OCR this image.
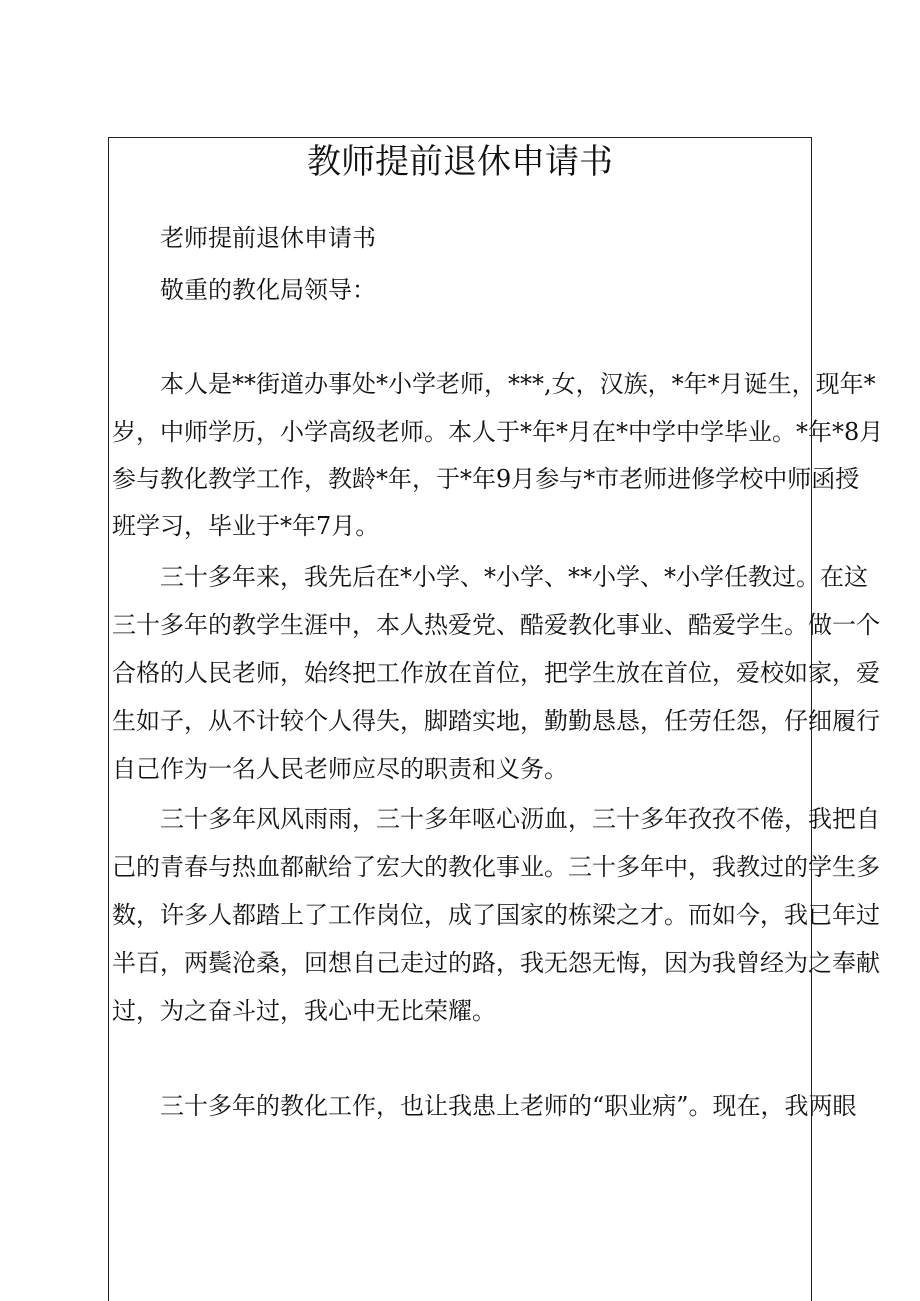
教师提前退休申请书
老师提前退休申请书
敬重的教化局领导：
本人是**街道办事处*小学老师，***,女，汉族，*年*月诞生，现年*
岁，中师学历，小学高级老师。本人于*年*月在*中学中学毕业。*年*8月
参与教化教学工作，教龄*年，于*年9月参与*市老师进修学校中师函授
班学习，毕业于*年7月。
三十多年来，我先后在*小学、*小学、**小学、*小学任教过。在这
三十多年的教学生涯中，本人热爱党、酷爱教化事业、酷爱学生。做一个
合格的人民老师，始终把工作放在首位，把学生放在首位，爱校如家，爱
生如子，从不计较个人得失，脚踏实地，勤勤恳恳，任劳任怨，仔细履行
自己作为一名人民老师应尽的职责和义务。
三十多年风风雨雨，三十多年呕心沥血，三十多年孜孜不倦，我把自
己的青春与热血都献给了宏大的教化事业。三十多年中，我教过的学生多
数，许多人都踏上了工作岗位，成了国家的栋梁之才。而如今，我已年过
半百，两鬓沧桑，回想自己走过的路，我无怨无悔，因为我曾经为之奉献
过，为之奋斗过，我心中无比荣耀。
三十多年的教化工作，也让我患上老师的“职业病”。现在，我两眼
